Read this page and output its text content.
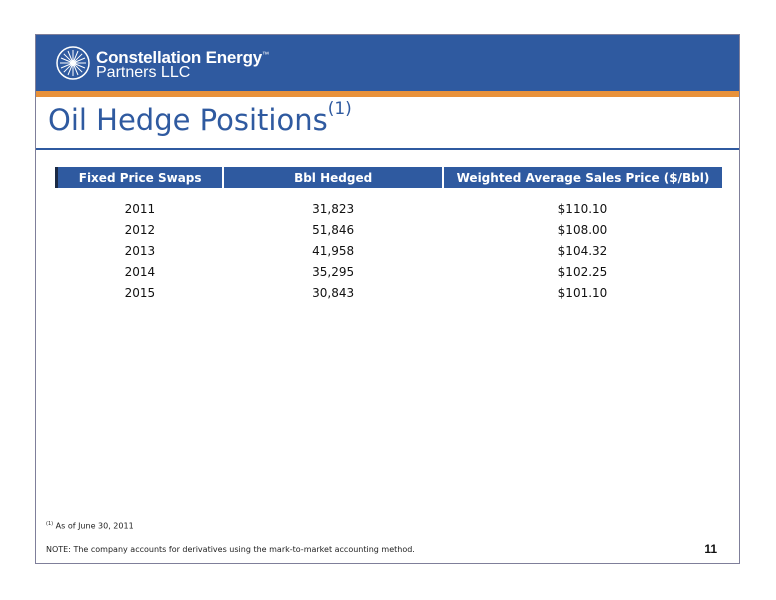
Constellation Energy™
Partners LLC
Oil Hedge Positions$^{(1)}$
Fixed Price Swaps	Bbl Hedged	Weighted Average Sales Price ($/Bbl)
2011	31,823	$110.10
2012	51,846	$108.00
2013	41,958	$104.32
2014	35,295	$102.25
2015	30,843	$101.10
$^{(1)}$ As of June 30, 2011
NOTE: The company accounts for derivatives using the mark-to-market accounting method.	11
